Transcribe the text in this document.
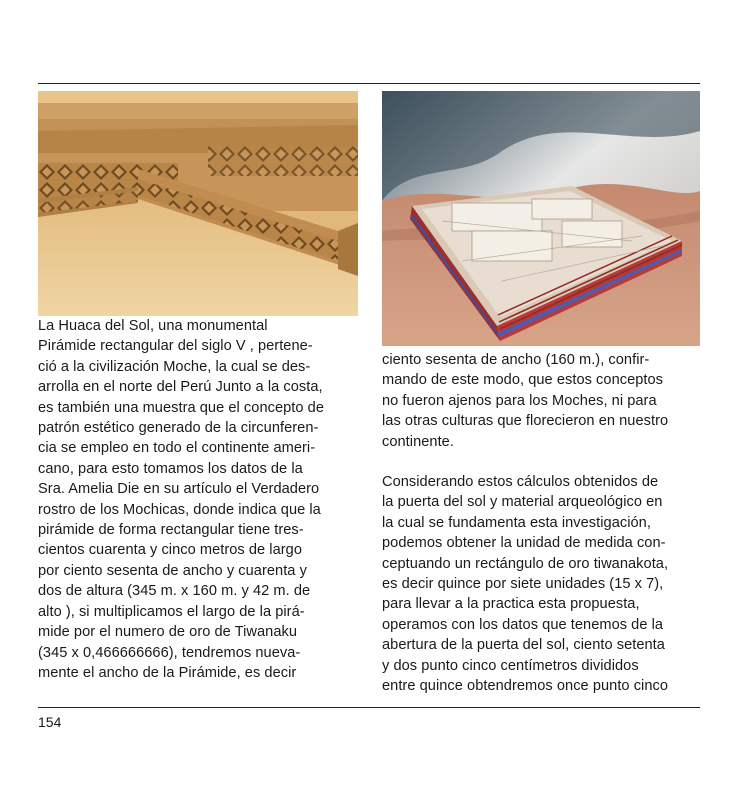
La Huaca del Sol, una monumental
Pirámide rectangular del siglo V , pertene-
ció a la civilización Moche, la cual se des-
arrolla en el norte del Perú Junto a la costa,
es también una muestra que el concepto de
patrón estético generado de la circunferen-
cia se empleo en todo el continente ameri-
cano, para esto tomamos los datos de la
Sra. Amelia Die en su artículo el Verdadero
rostro de los Mochicas, donde indica que la
pirámide de forma rectangular tiene tres-
cientos cuarenta y cinco metros de largo
por ciento sesenta de ancho y cuarenta y
dos de altura (345 m. x 160 m. y 42 m. de
alto ), si multiplicamos el largo de la pirá-
mide por el numero de oro de Tiwanaku
(345 x 0,466666666), tendremos nueva-
mente el ancho de la Pirámide, es decir

ciento sesenta de ancho (160 m.), confir-
mando de este modo, que estos conceptos
no fueron ajenos para los Moches, ni para
las otras culturas que florecieron en nuestro
continente.

Considerando estos cálculos obtenidos de
la puerta del sol y material arqueológico en
la cual se fundamenta esta investigación,
podemos obtener la unidad de medida con-
ceptuando un rectángulo de oro tiwanakota,
es decir quince por siete unidades (15 x 7),
para llevar a la practica esta propuesta,
operamos con los datos que tenemos de la
abertura de la puerta del sol, ciento setenta
y dos punto cinco centímetros divididos
entre quince obtendremos once punto cinco

154
